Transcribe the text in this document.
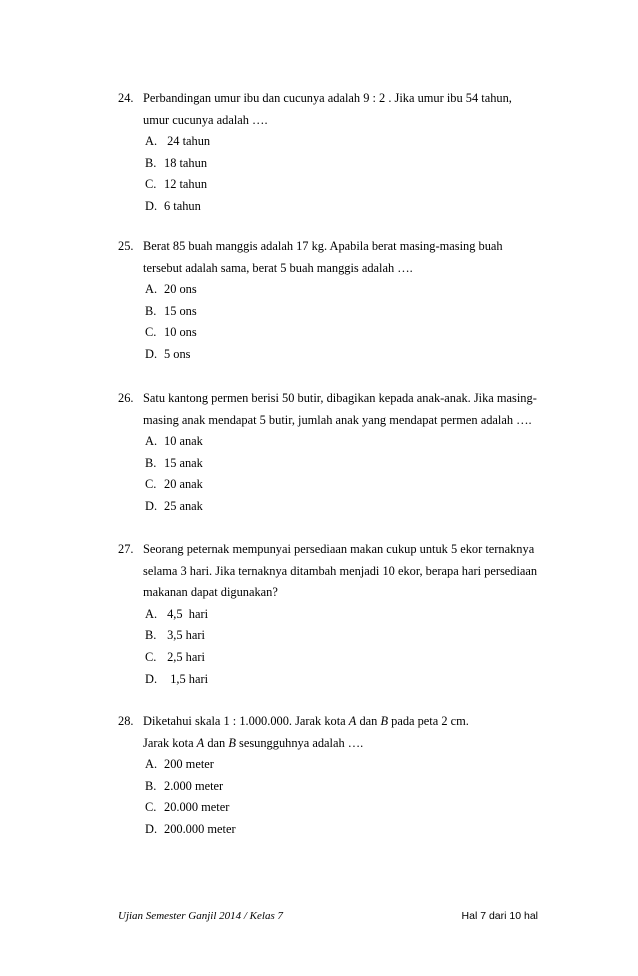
24. Perbandingan umur ibu dan cucunya adalah 9 : 2 . Jika umur ibu 54 tahun,
umur cucunya adalah ….
A. 24 tahun
B. 18 tahun
C. 12 tahun
D. 6 tahun
25. Berat 85 buah manggis adalah 17 kg. Apabila berat masing-masing buah
tersebut adalah sama, berat 5 buah manggis adalah ….
A. 20 ons
B. 15 ons
C. 10 ons
D. 5 ons
26. Satu kantong permen berisi 50 butir, dibagikan kepada anak-anak. Jika masing-
masing anak mendapat 5 butir, jumlah anak yang mendapat permen adalah ….
A. 10 anak
B. 15 anak
C. 20 anak
D. 25 anak
27. Seorang peternak mempunyai persediaan makan cukup untuk 5 ekor ternaknya
selama 3 hari. Jika ternaknya ditambah menjadi 10 ekor, berapa hari persediaan
makanan dapat digunakan?
A. 4,5  hari
B. 3,5 hari
C. 2,5 hari
D.  1,5 hari
28. Diketahui skala 1 : 1.000.000. Jarak kota A dan B pada peta 2 cm.
Jarak kota A dan B sesungguhnya adalah ….
A. 200 meter
B. 2.000 meter
C. 20.000 meter
D. 200.000 meter
Ujian Semester Ganjil 2014 / Kelas 7	Hal 7 dari 10 hal
